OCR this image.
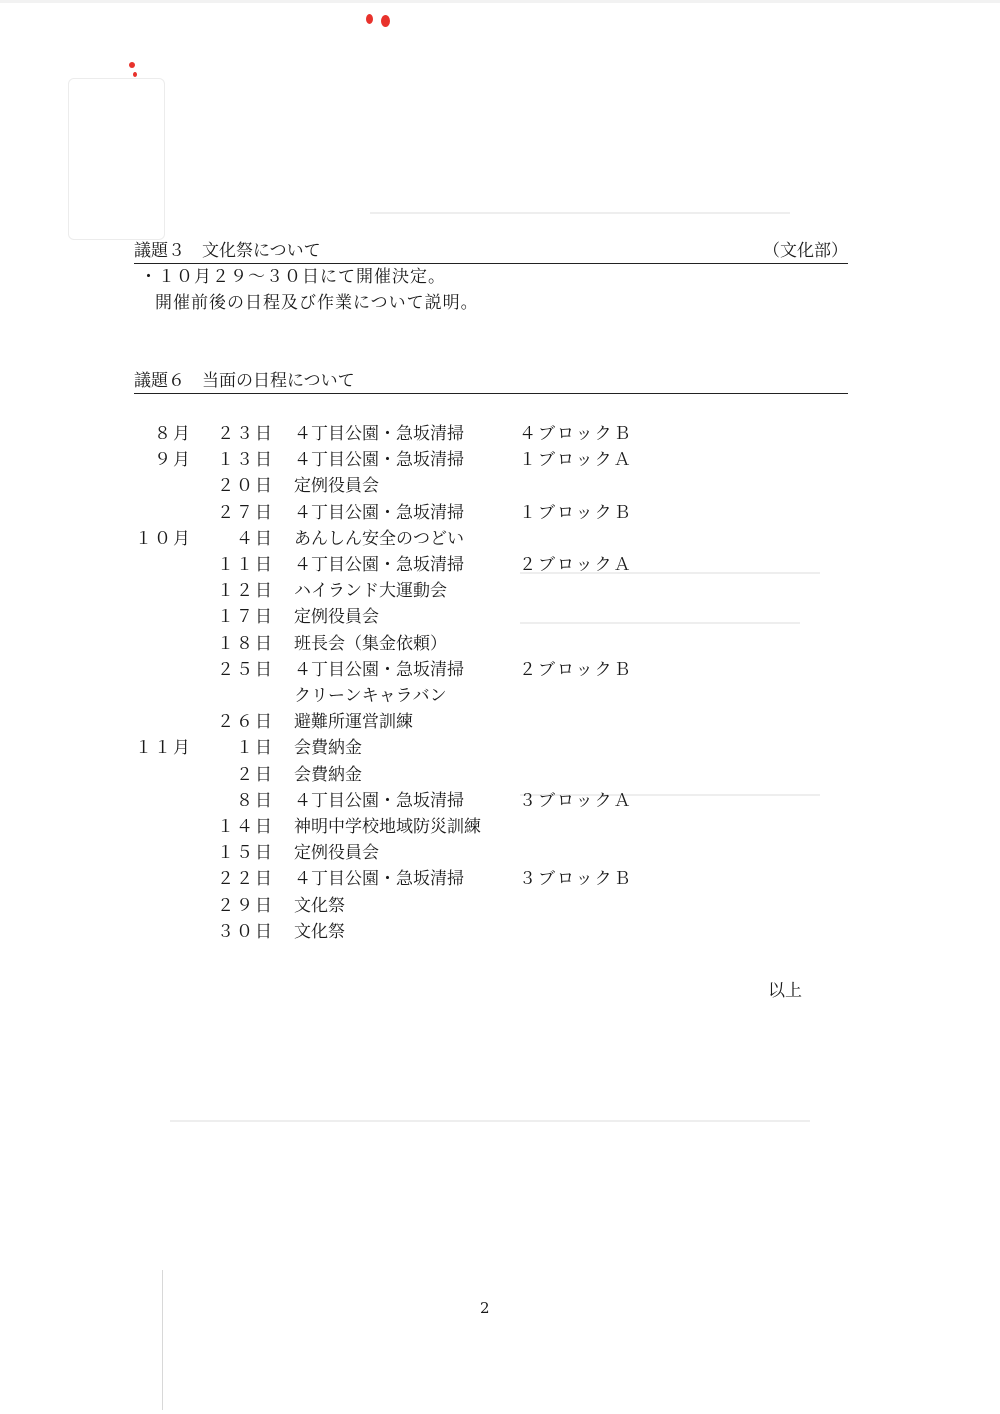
議題３　文化祭について	（文化部）
・１０月２９～３０日にて開催決定。
開催前後の日程及び作業について説明。
議題６　当面の日程について
８月 ２３日 ４丁目公園・急坂清掃	４ブロックＢ
９月 １３日 ４丁目公園・急坂清掃	１ブロックＡ
２０日 定例役員会
２７日 ４丁目公園・急坂清掃	１ブロックＢ
１０月	４日 あんしん安全のつどい
１１日 ４丁目公園・急坂清掃	２ブロックＡ
１２日 ハイランド大運動会
１７日 定例役員会
１８日 班長会（集金依頼）
２５日 ４丁目公園・急坂清掃	２ブロックＢ
クリーンキャラバン
２６日 避難所運営訓練
１１月	１日 会費納金
２日 会費納金
８日 ４丁目公園・急坂清掃	３ブロックＡ
１４日 神明中学校地域防災訓練
１５日 定例役員会
２２日 ４丁目公園・急坂清掃	３ブロックＢ
２９日 文化祭
３０日 文化祭
以上
2
